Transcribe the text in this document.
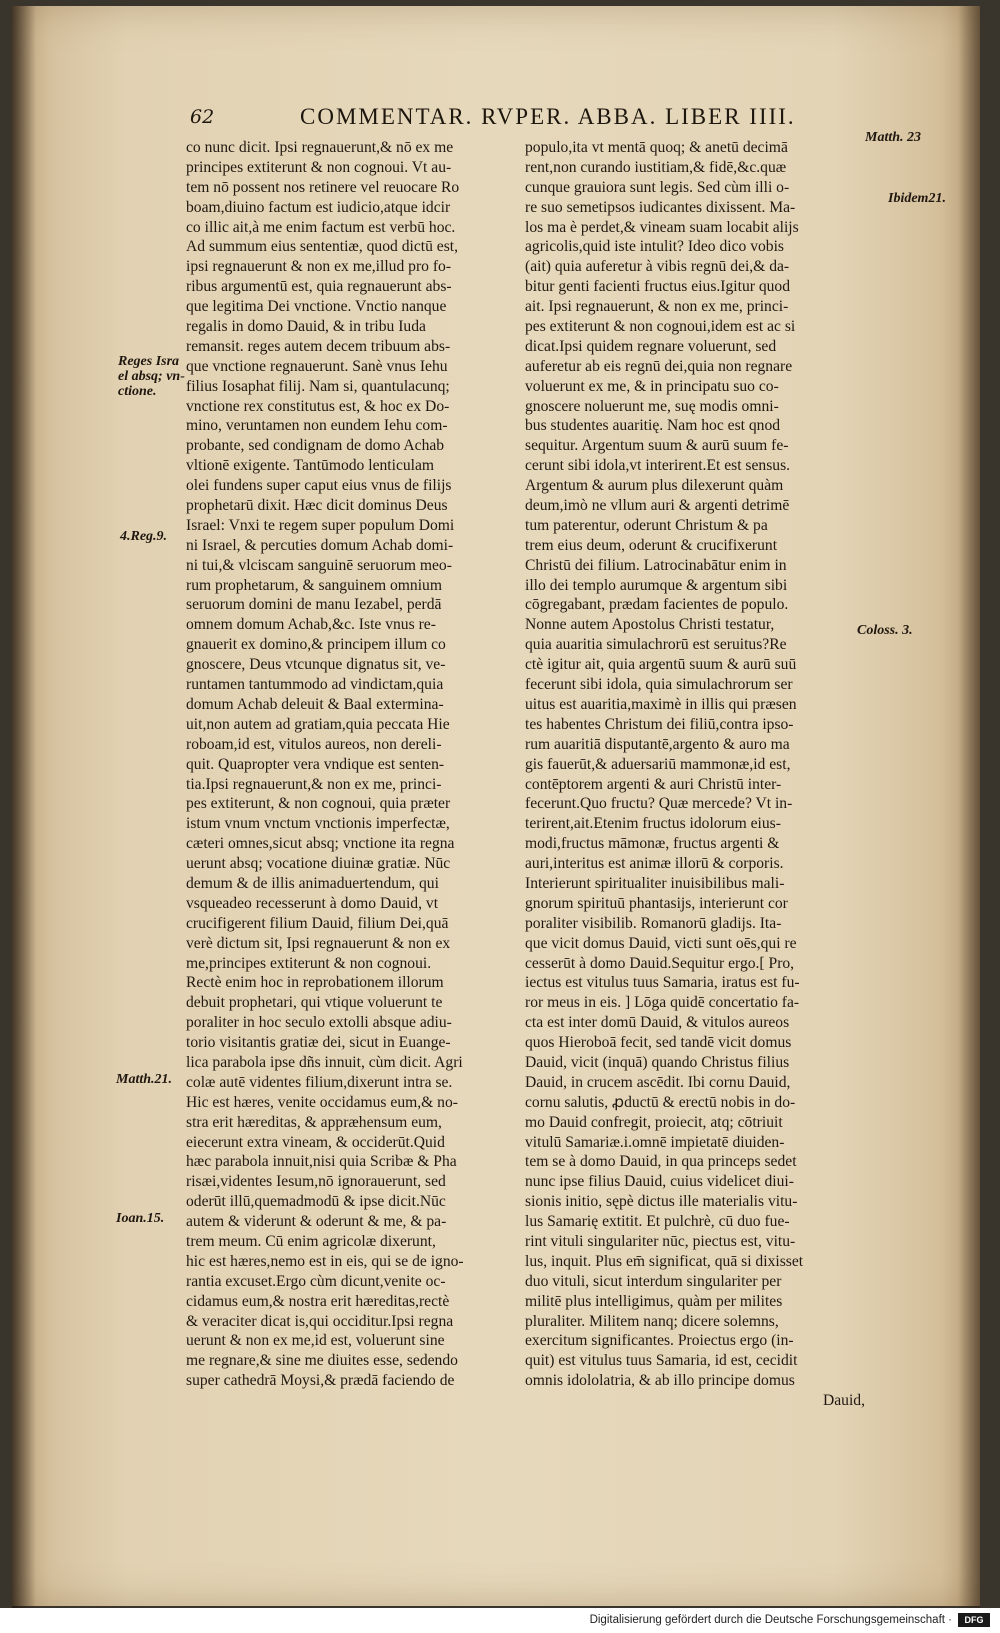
62	COMMENTAR. RVPER. ABBA. LIBER IIII.
co nunc dicit. Ipsi regnauerunt,& nō ex me
principes extiterunt & non cognoui. Vt au-
tem nō possent nos retinere vel reuocare Ro
boam,diuino factum est iudicio,atque idcir
co illic ait,à me enim factum est verbū hoc.
Ad summum eius sententiæ, quod dictū est,
ipsi regnauerunt & non ex me,illud pro fo-
ribus argumentū est, quia regnauerunt abs-
que legitima Dei vnctione. Vnctio nanque
regalis in domo Dauid, & in tribu Iuda
remansit. reges autem decem tribuum abs-
que vnctione regnauerunt. Sanè vnus Iehu
filius Iosaphat filij. Nam si, quantulacunq;
vnctione rex constitutus est, & hoc ex Do-
mino, veruntamen non eundem Iehu com-
probante, sed condignam de domo Achab
vltionē exigente. Tantūmodo lenticulam
olei fundens super caput eius vnus de filijs
prophetarū dixit. Hæc dicit dominus Deus
Israel: Vnxi te regem super populum Domi
ni Israel, & percuties domum Achab domi-
ni tui,& vlciscam sanguinē seruorum meo-
rum prophetarum, & sanguinem omnium
seruorum domini de manu Iezabel, perdā
omnem domum Achab,&c. Iste vnus re-
gnauerit ex domino,& principem illum co
gnoscere, Deus vtcunque dignatus sit, ve-
runtamen tantummodo ad vindictam,quia
domum Achab deleuit & Baal extermina-
uit,non autem ad gratiam,quia peccata Hie
roboam,id est, vitulos aureos, non dereli-
quit. Quapropter vera vndique est senten-
tia.Ipsi regnauerunt,& non ex me, princi-
pes extiterunt, & non cognoui, quia præter
istum vnum vnctum vnctionis imperfectæ,
cæteri omnes,sicut absq; vnctione ita regna
uerunt absq; vocatione diuinæ gratiæ. Nūc
demum & de illis animaduertendum, qui
vsqueadeo recesserunt à domo Dauid, vt
crucifigerent filium Dauid, filium Dei,quā
verè dictum sit, Ipsi regnauerunt & non ex
me,principes extiterunt & non cognoui.
Rectè enim hoc in reprobationem illorum
debuit prophetari, qui vtique voluerunt te
poraliter in hoc seculo extolli absque adiu-
torio visitantis gratiæ dei, sicut in Euange-
lica parabola ipse dñs innuit, cùm dicit. Agri
colæ autē videntes filium,dixerunt intra se.
Hic est hæres, venite occidamus eum,& no-
stra erit hæreditas, & appræhensum eum,
eiecerunt extra vineam, & occiderūt.Quid
hæc parabola innuit,nisi quia Scribæ & Pha
risæi,videntes Iesum,nō ignorauerunt, sed
oderūt illū,quemadmodū & ipse dicit.Nūc
autem & viderunt & oderunt & me, & pa-
trem meum. Cū enim agricolæ dixerunt,
hic est hæres,nemo est in eis, qui se de igno-
rantia excuset.Ergo cùm dicunt,venite oc-
cidamus eum,& nostra erit hæreditas,rectè
& veraciter dicat is,qui occiditur.Ipsi regna
uerunt & non ex me,id est, voluerunt sine
me regnare,& sine me diuites esse, sedendo
super cathedrā Moysi,& prædā faciendo de
populo,ita vt mentā quoq; & anetū decimā
rent,non curando iustitiam,& fidē,&c.quæ
cunque grauiora sunt legis. Sed cùm illi o-
re suo semetipsos iudicantes dixissent. Ma-
los ma è perdet,& vineam suam locabit alijs
agricolis,quid iste intulit? Ideo dico vobis
(ait) quia auferetur à vibis regnū dei,& da-
bitur genti facienti fructus eius.Igitur quod
ait. Ipsi regnauerunt, & non ex me, princi-
pes extiterunt & non cognoui,idem est ac si
dicat.Ipsi quidem regnare voluerunt, sed
auferetur ab eis regnū dei,quia non regnare
voluerunt ex me, & in principatu suo co-
gnoscere noluerunt me, suę modis omni-
bus studentes auaritię. Nam hoc est qnod
sequitur. Argentum suum & aurū suum fe-
cerunt sibi idola,vt interirent.Et est sensus.
Argentum & aurum plus dilexerunt quàm
deum,imò ne vllum auri & argenti detrimē
tum paterentur, oderunt Christum & pa
trem eius deum, oderunt & crucifixerunt
Christū dei filium. Latrocinabātur enim in
illo dei templo aurumque & argentum sibi
cōgregabant, prædam facientes de populo.
Nonne autem Apostolus Christi testatur,
quia auaritia simulachrorū est seruitus?Re
ctè igitur ait, quia argentū suum & aurū suū
fecerunt sibi idola, quia simulachrorum ser
uitus est auaritia,maximè in illis qui præsen
tes habentes Christum dei filiū,contra ipso-
rum auaritiā disputantē,argento & auro ma
gis fauerūt,& aduersariū mammonæ,id est,
contēptorem argenti & auri Christū inter-
fecerunt.Quo fructu? Quæ mercede? Vt in-
terirent,ait.Etenim fructus idolorum eius-
modi,fructus māmonæ, fructus argenti &
auri,interitus est animæ illorū & corporis.
Interierunt spiritualiter inuisibilibus mali-
gnorum spirituū phantasijs, interierunt cor
poraliter visibilib. Romanorū gladijs. Ita-
que vicit domus Dauid, victi sunt oēs,qui re
cesserūt à domo Dauid.Sequitur ergo.[ Pro,
iectus est vitulus tuus Samaria, iratus est fu-
ror meus in eis. ] Lōga quidē concertatio fa-
cta est inter domū Dauid, & vitulos aureos
quos Hieroboā fecit, sed tandē vicit domus
Dauid, vicit (inquā) quando Christus filius
Dauid, in crucem ascēdit. Ibi cornu Dauid,
cornu salutis, ꝓductū & erectū nobis in do-
mo Dauid confregit, proiecit, atq; cōtriuit
vitulū Samariæ.i.omnē impietatē diuiden-
tem se à domo Dauid, in qua princeps sedet
nunc ipse filius Dauid, cuius videlicet diui-
sionis initio, sępè dictus ille materialis vitu-
lus Samarię extitit. Et pulchrè, cū duo fue-
rint vituli singulariter nūc, piectus est, vitu-
lus, inquit. Plus em̄ significat, quā si dixisset
duo vituli, sicut interdum singulariter per
militē plus intelligimus, quàm per milites
pluraliter. Militem nanq; dicere solemns,
exercitum significantes. Proiectus ergo (in-
quit) est vitulus tuus Samaria, id est, cecidit
omnis idololatria, & ab illo principe domus
Dauid,
Reges Isra
el absq; vn-
ctione.
4.Reg.9.
Matth.21.
Ioan.15.
Matth. 23
Ibidem21.
Coloss. 3.
Digitalisierung gefördert durch die Deutsche Forschungsgemeinschaft ·	DFG
